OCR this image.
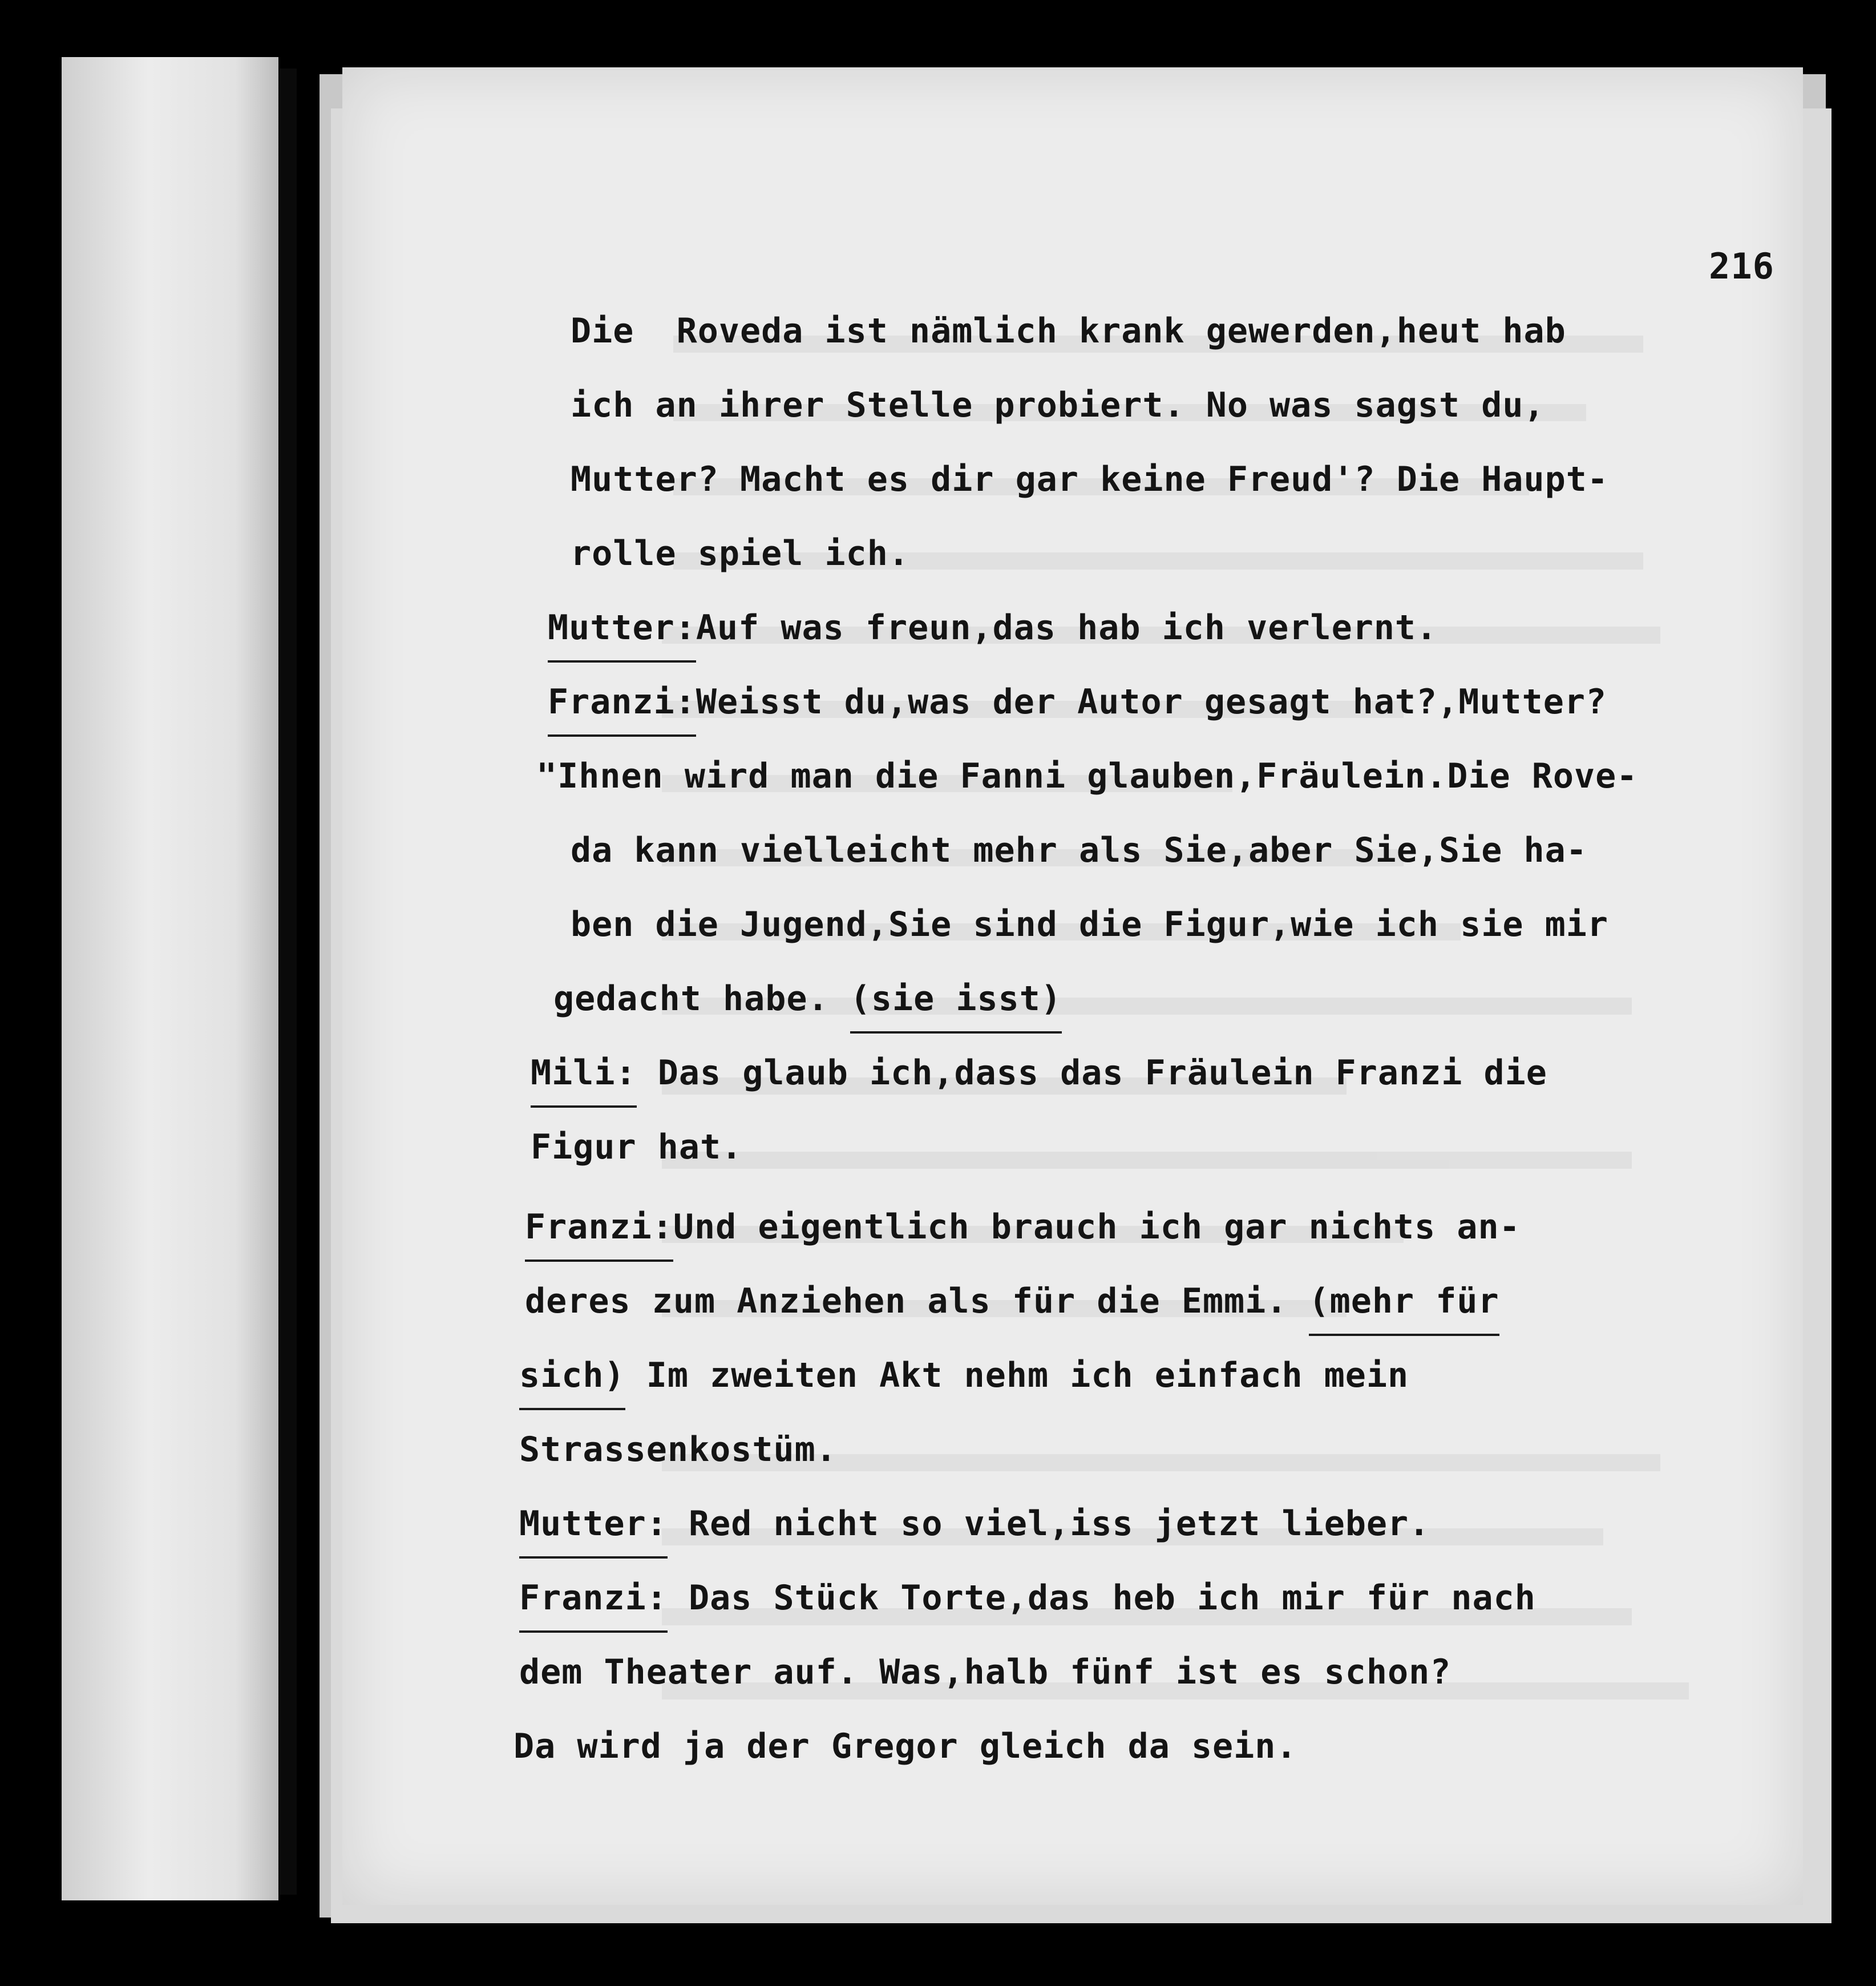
216
Die  Roveda ist nämlich krank gewerden,heut hab
ich an ihrer Stelle probiert. No was sagst du,
Mutter? Macht es dir gar keine Freud'? Die Haupt-
rolle spiel ich.
Mutter:
Auf was freun,das hab ich verlernt.
Franzi:
Weisst du,was der Autor gesagt hat?,Mutter?
"Ihnen wird man die Fanni glauben,Fräulein.Die Rove-
da kann vielleicht mehr als Sie,aber Sie,Sie ha-
ben die Jugend,Sie sind die Figur,wie ich sie mir
gedacht habe. (sie isst)
Mili:
Das glaub ich,dass das Fräulein Franzi die
Figur hat.
Franzi:
Und eigentlich brauch ich gar nichts an-
deres zum Anziehen als für die Emmi. (mehr für
sich)
Im zweiten Akt nehm ich einfach mein
Strassenkostüm.
Mutter:
Red nicht so viel,iss jetzt lieber.
Franzi:
Das Stück Torte,das heb ich mir für nach
dem Theater auf. Was,halb fünf ist es schon?
Da wird ja der Gregor gleich da sein.
